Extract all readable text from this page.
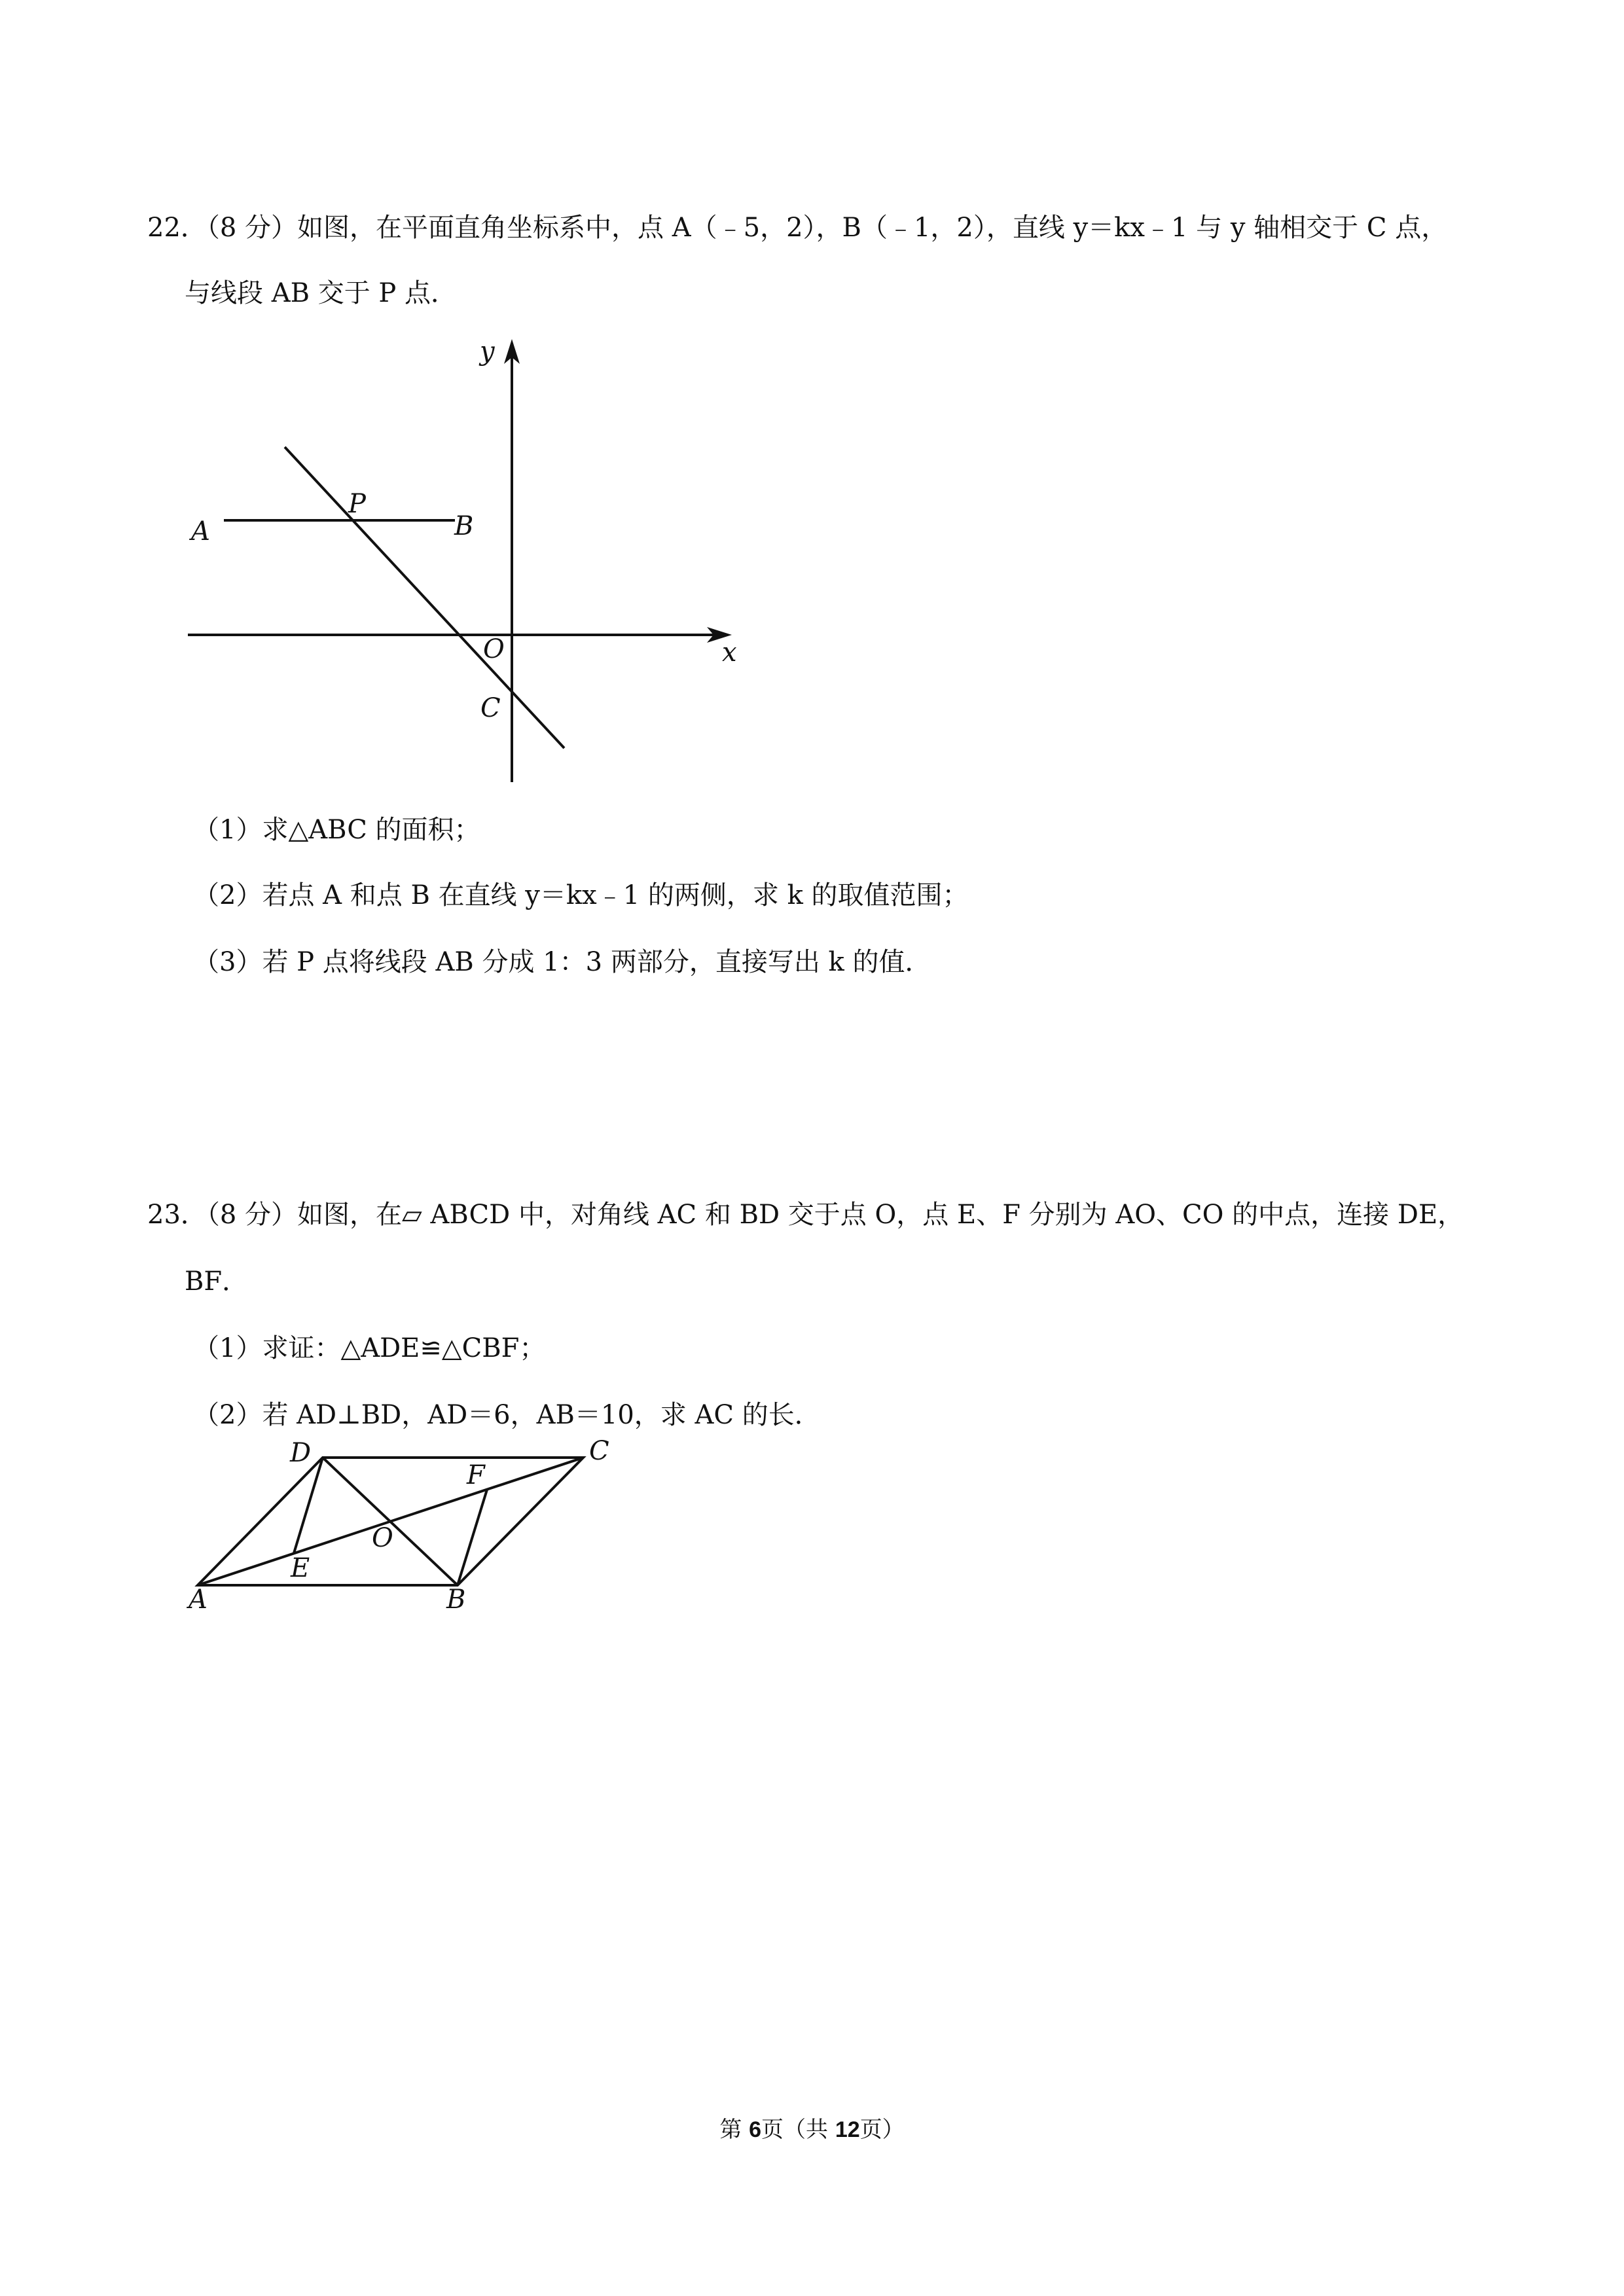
22．（8 分）如图，在平面直角坐标系中，点 A（﹣5，2），B（﹣1，2），直线 y＝kx﹣1 与 y 轴相交于 C 点，
与线段 AB 交于 P 点．
y
x
A	B
P
O
C
（1）求△ABC 的面积；
（2）若点 A 和点 B 在直线 y＝kx﹣1 的两侧，求 k 的取值范围；
（3）若 P 点将线段 AB 分成 1：3 两部分，直接写出 k 的值．
23．（8 分）如图，在▱ ABCD 中，对角线 AC 和 BD 交于点 O，点 E、F 分别为 AO、CO 的中点，连接 DE，
BF．
（1）求证：△ADE≌△CBF；
（2）若 AD⊥BD，AD＝6，AB＝10，求 AC 的长．
A	B
C
D
E
F
O
第 6页（共 12页）
